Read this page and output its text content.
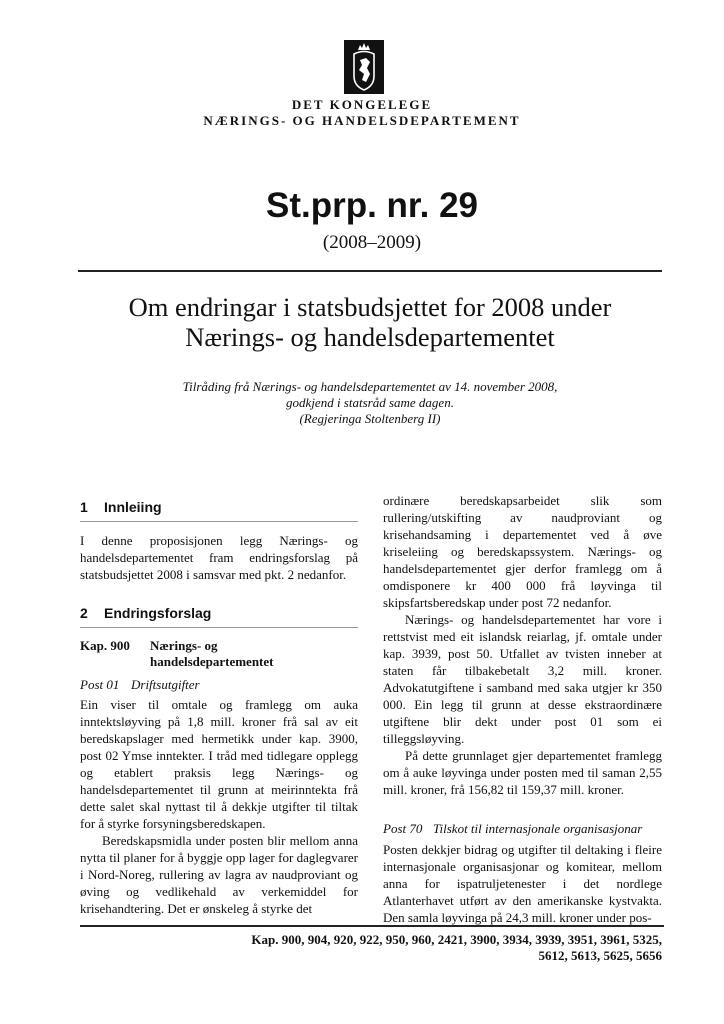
DET KONGELEGE
NÆRINGS- OG HANDELSDEPARTEMENT
St.prp. nr. 29
(2008–2009)
Om endringar i statsbudsjettet for 2008 under
Nærings- og handelsdepartementet
Tilråding frå Nærings- og handelsdepartementet av 14. november 2008,
godkjend i statsråd same dagen.
(Regjeringa Stoltenberg II)
1 Innleiing

I denne proposisjonen legg Nærings- og handelsdepartementet fram endringsforslag på statsbudsjettet 2008 i samsvar med pkt. 2 nedanfor.

2 Endringsforslag
Kap. 900	Nærings- og
handelsdepartementet
Post 01 Driftsutgifter

Ein viser til omtale og framlegg om auka inntektsløyving på 1,8 mill. kroner frå sal av eit beredskapslager med hermetikk under kap. 3900, post 02 Ymse inntekter. I tråd med tidlegare opplegg og etablert praksis legg Nærings- og handelsdepartementet til grunn at meirinntekta frå dette salet skal nyttast til å dekkje utgifter til tiltak for å styrke forsyningsberedskapen.

Beredskapsmidla under posten blir mellom anna nytta til planer for å byggje opp lager for daglegvarer i Nord-Noreg, rullering av lagra av naudproviant og øving og vedlikehald av verkemiddel for krisehandtering. Det er ønskeleg å styrke det

ordinære beredskapsarbeidet slik som rullering/utskifting av naudproviant og krisehandsaming i departementet ved å øve kriseleiing og beredskapssystem. Nærings- og handelsdepartementet gjer derfor framlegg om å omdisponere kr 400 000 frå løyvinga til skipsfartsberedskap under post 72 nedanfor.

Nærings- og handelsdepartementet har vore i rettstvist med eit islandsk reiarlag, jf. omtale under kap. 3939, post 50. Utfallet av tvisten inneber at staten får tilbakebetalt 3,2 mill. kroner. Advokatutgiftene i samband med saka utgjer kr 350 000. Ein legg til grunn at desse ekstraordinære utgiftene blir dekt under post 01 som ei tilleggsløyving.

På dette grunnlaget gjer departementet framlegg om å auke løyvinga under posten med til saman 2,55 mill. kroner, frå 156,82 til 159,37 mill. kroner.

Post 70 Tilskot til internasjonale organisasjonar

Posten dekkjer bidrag og utgifter til deltaking i fleire internasjonale organisasjonar og komitear, mellom anna for ispatruljetenester i det nordlege Atlanterhavet utført av den amerikanske kystvakta. Den samla løyvinga på 24,3 mill. kroner under pos-

Kap. 900, 904, 920, 922, 950, 960, 2421, 3900, 3934, 3939, 3951, 3961, 5325,
5612, 5613, 5625, 5656
